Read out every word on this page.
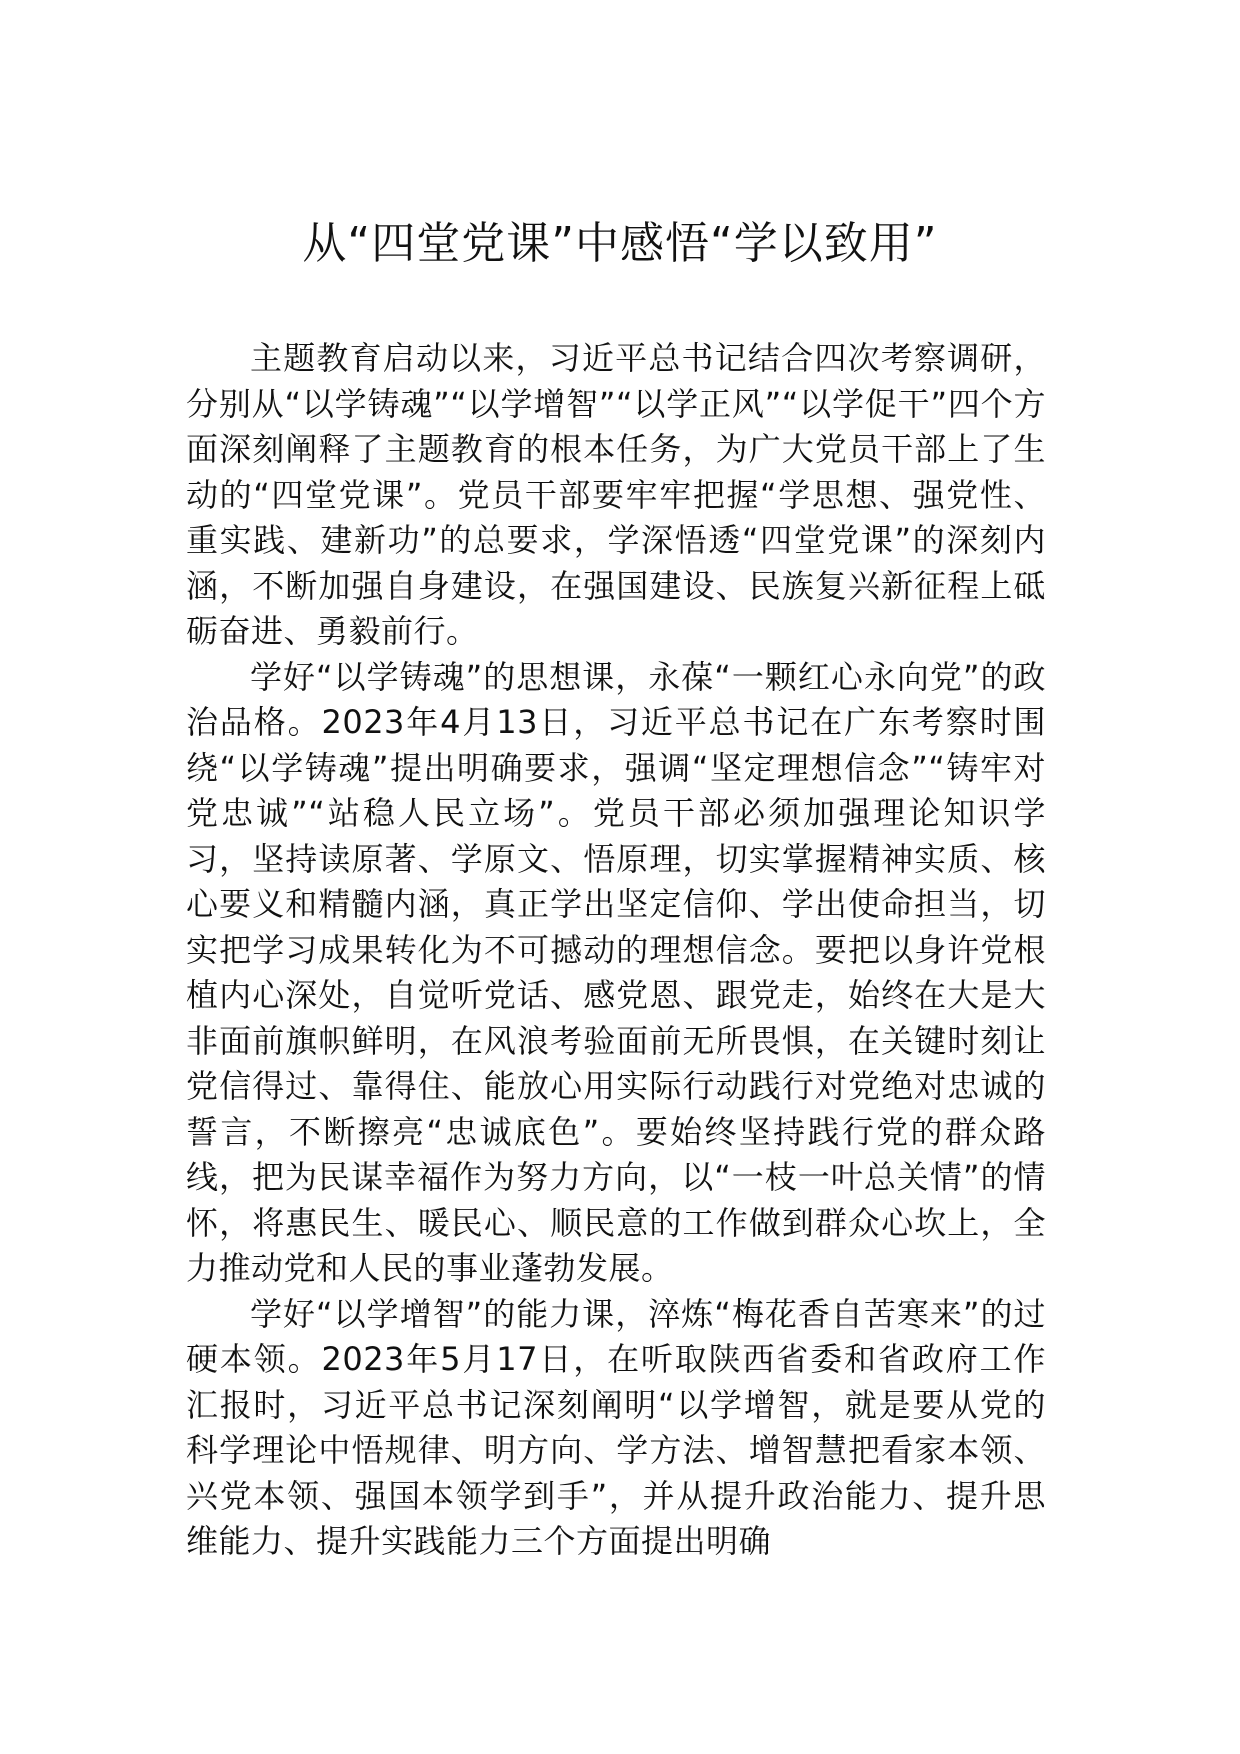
从“四堂党课”中感悟“学以致用”

主题教育启动以来，习近平总书记结合四次考察调研，分别从“以学铸魂”“以学增智”“以学正风”“以学促干”四个方面深刻阐释了主题教育的根本任务，为广大党员干部上了生动的“四堂党课”。党员干部要牢牢把握“学思想、强党性、重实践、建新功”的总要求，学深悟透“四堂党课”的深刻内涵，不断加强自身建设，在强国建设、民族复兴新征程上砥砺奋进、勇毅前行。

学好“以学铸魂”的思想课，永葆“一颗红心永向党”的政治品格。2023年4月13日，习近平总书记在广东考察时围绕“以学铸魂”提出明确要求，强调“坚定理想信念”“铸牢对党忠诚”“站稳人民立场”。党员干部必须加强理论知识学习，坚持读原著、学原文、悟原理，切实掌握精神实质、核心要义和精髓内涵，真正学出坚定信仰、学出使命担当，切实把学习成果转化为不可撼动的理想信念。要把以身许党根植内心深处，自觉听党话、感党恩、跟党走，始终在大是大非面前旗帜鲜明，在风浪考验面前无所畏惧，在关键时刻让党信得过、靠得住、能放心用实际行动践行对党绝对忠诚的誓言，不断擦亮“忠诚底色”。要始终坚持践行党的群众路线，把为民谋幸福作为努力方向，以“一枝一叶总关情”的情怀，将惠民生、暖民心、顺民意的工作做到群众心坎上，全力推动党和人民的事业蓬勃发展。

学好“以学增智”的能力课，淬炼“梅花香自苦寒来”的过硬本领。2023年5月17日，在听取陕西省委和省政府工作汇报时，习近平总书记深刻阐明“以学增智，就是要从党的科学理论中悟规律、明方向、学方法、增智慧把看家本领、兴党本领、强国本领学到手”，并从提升政治能力、提升思维能力、提升实践能力三个方面提出明确
